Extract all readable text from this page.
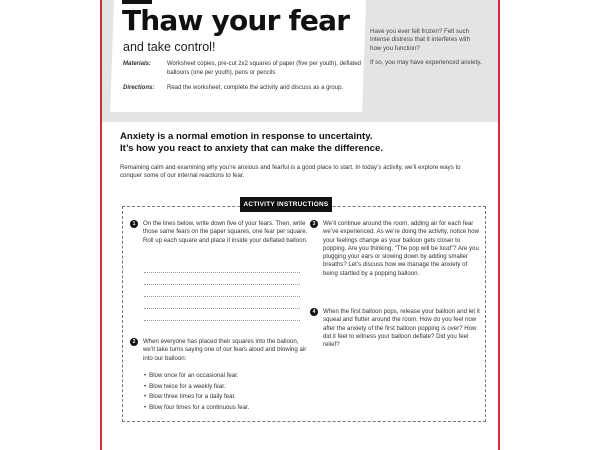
Thaw your fear
and take control!
Materials:	Worksheet copies, pre-cut 2x2 squares of paper (five per youth), deflated balloons (one per youth), pens or pencils
Directions:	Read the worksheet, complete the activity and discuss as a group.

Have you ever felt frozen? Felt such intense distress that it interferes with how you function?

If so, you may have experienced anxiety.

Anxiety is a normal emotion in response to uncertainty.

It’s how you react to anxiety that can make the difference.

Remaining calm and examining why you’re anxious and fearful is a good place to start. In today’s activity, we’ll explore ways to conquer some of our internal reactions to fear.
ACTIVITY INSTRUCTIONS
1	On the lines below, write down five of your fears. Then, write those same fears on the paper squares, one fear per square. Roll up each square and place it inside your deflated balloon.
2	When everyone has placed their squares into the balloon, we’ll take turns saying one of our fears aloud and blowing air into our balloon:
• Blow once for an occasional fear.
• Blow twice for a weekly fear.
• Blow three times for a daily fear.
• Blow four times for a continuous fear.
3	We’ll continue around the room, adding air for each fear we’ve experienced. As we’re doing the activity, notice how your feelings change as your balloon gets closer to popping. Are you thinking, “The pop will be loud”? Are you plugging your ears or slowing down by adding smaller breaths? Let’s discuss how we manage the anxiety of being startled by a popping balloon.
4	When the first balloon pops, release your balloon and let it squeal and flutter around the room. How do you feel now after the anxiety of the first balloon popping is over? How did it feel to witness your balloon deflate? Did you feel relief?
